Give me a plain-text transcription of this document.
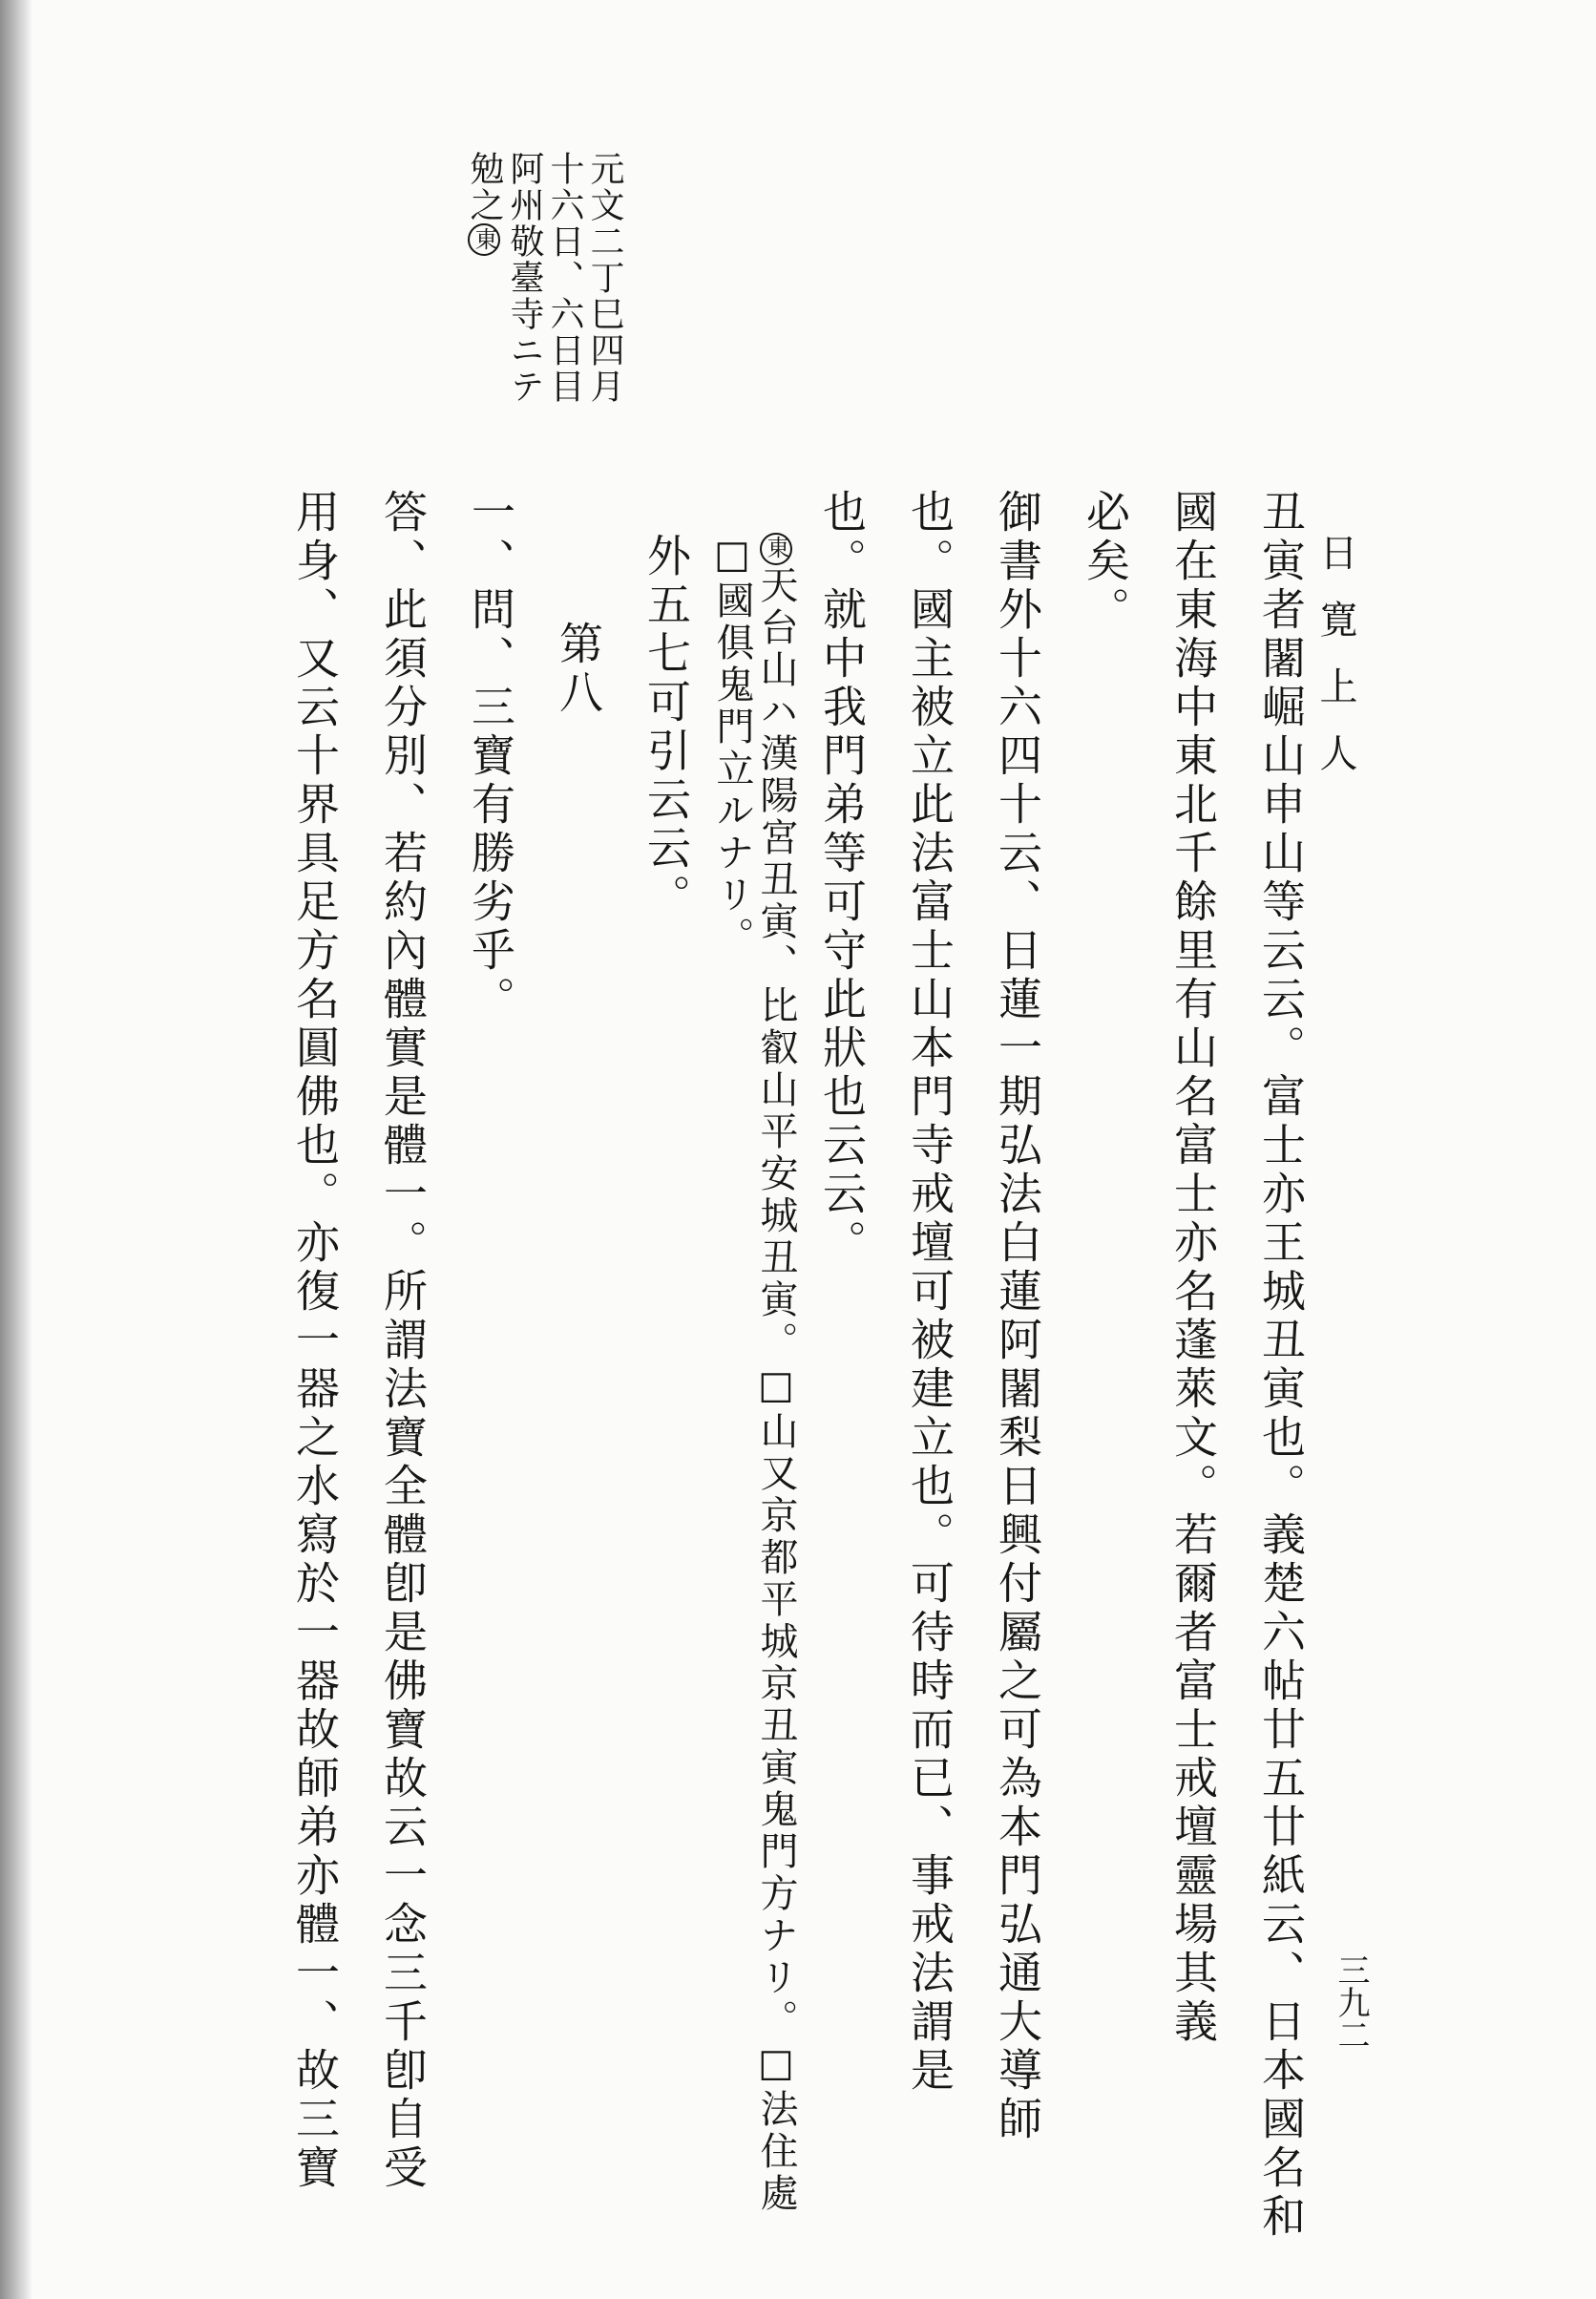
日寛上人
三九二
元文二丁巳四月
十六日、六日目
阿州敬臺寺ニテ
勉之東
丑寅者闍崛山申山等云云。富士亦王城丑寅也。義楚六帖廿五廿紙云、日本國名和
國在東海中東北千餘里有山名富士亦名蓬萊文。若爾者富士戒壇靈場其義
必矣。
御書外十六四十云、日蓮一期弘法白蓮阿闍梨日興付屬之可為本門弘通大導師
也。國主被立此法富士山本門寺戒壇可被建立也。可待時而已、事戒法謂是
也。就中我門弟等可守此狀也云云。
東天台山ハ漢陽宮丑寅、比叡山平安城丑寅。□山又京都平城京丑寅鬼門方ナリ。□法住處
□國俱鬼門立ルナリ。
外五七可引云云。
第八
一、問、三寶有勝劣乎。
答、此須分別、若約內體實是體一。所謂法寶全體卽是佛寶故云一念三千卽自受
用身、又云十界具足方名圓佛也。亦復一器之水寫於一器故師弟亦體一、故三寶
